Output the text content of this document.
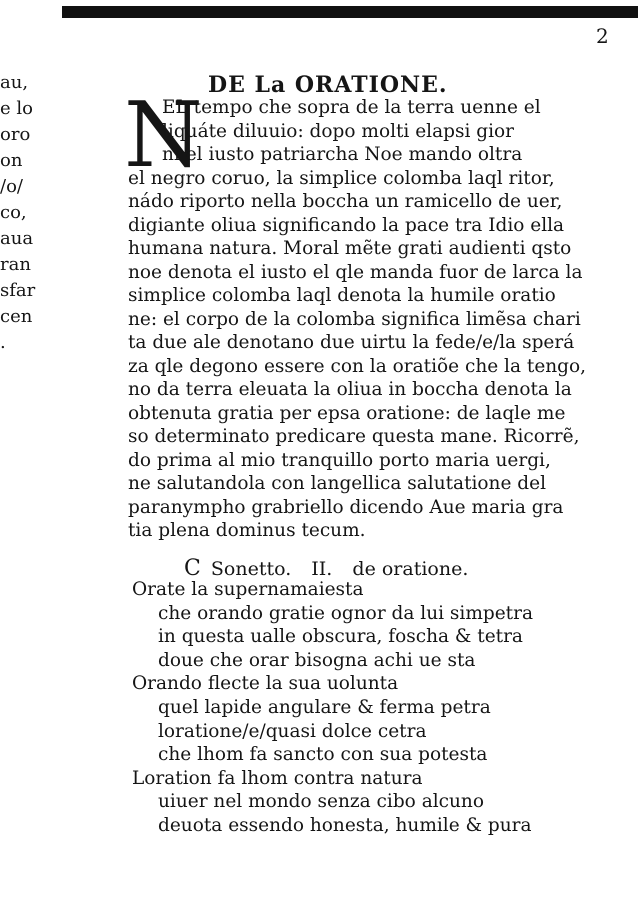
2
au,
e lo
oro
on
/o/
co,
aua
ran
sfar
cen
.
DE La ORATIONE.
N
EL tempo che sopra de la terra uenne el
liquáte diluuio: dopo molti elapsi gior
ni el iusto patriarcha Noe mando oltra
el negro coruo, la simplice colomba laql ritor,
nádo riporto nella boccha un ramicello de uer,
digiante oliua significando la pace tra Idio ella
humana natura. Moral mẽte grati audienti qsto
noe denota el iusto el qle manda fuor de larca la
simplice colomba laql denota la humile oratio
ne: el corpo de la colomba significa limẽsa chari
ta due ale denotano due uirtu la fede/e/la sperá
za qle degono essere con la oratiõe che la tengo,
no da terra eleuata la oliua in boccha denota la
obtenuta gratia per epsa oratione: de laqle me
so determinato predicare questa mane. Ricorrẽ,
do prima al mio tranquillo porto maria uergi,
ne salutandola con langellica salutatione del
paranympho grabriello dicendo Aue maria gra
tia plena dominus tecum.
C Sonetto. II. de oratione.
Orate la supernamaiesta
che orando gratie ognor da lui simpetra
in questa ualle obscura, foscha & tetra
doue che orar bisogna achi ue sta
Orando flecte la sua uolunta
quel lapide angulare & ferma petra
loratione/e/quasi dolce cetra
che lhom fa sancto con sua potesta
Loration fa lhom contra natura
uiuer nel mondo senza cibo alcuno
deuota essendo honesta, humile & pura
